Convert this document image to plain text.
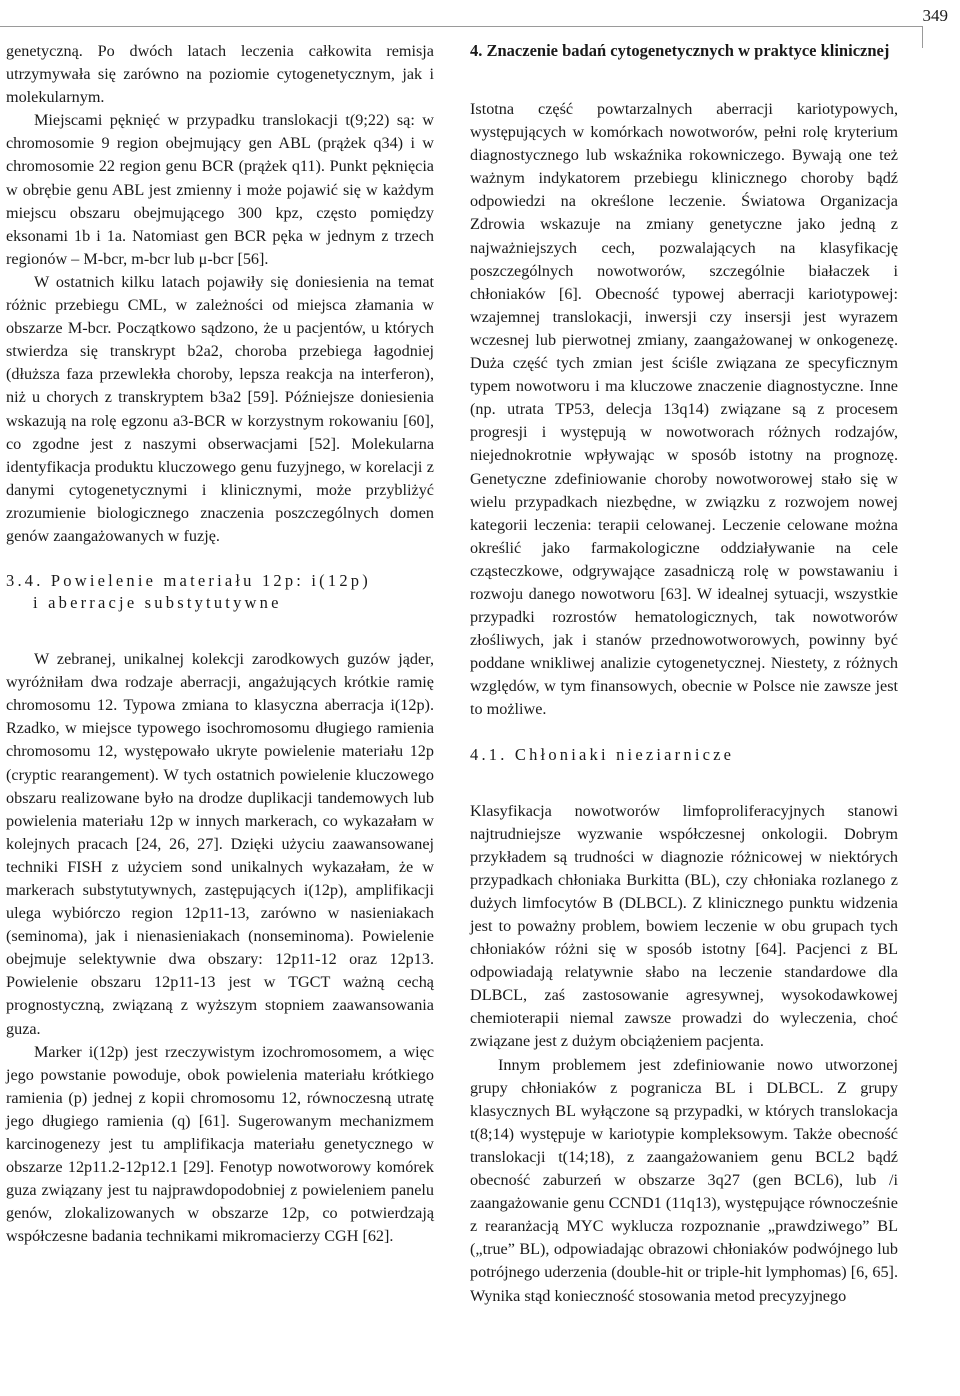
349

genetyczną. Po dwóch latach leczenia całkowita remisja utrzymywała się zarówno na poziomie cytogenetycznym, jak i molekularnym.

Miejscami pęknięć w przypadku translokacji t(9;22) są: w chromosomie 9 region obejmujący gen ABL (prążek q34) i w chromosomie 22 region genu BCR (prążek q11). Punkt pęknięcia w obrębie genu ABL jest zmienny i może pojawić się w każdym miejscu obszaru obejmującego 300 kpz, często pomiędzy eksonami 1b i 1a. Natomiast gen BCR pęka w jednym z trzech regionów – M-bcr, m-bcr lub μ-bcr [56].

W ostatnich kilku latach pojawiły się doniesienia na temat różnic przebiegu CML, w zależności od miejsca złamania w obszarze M-bcr. Początkowo sądzono, że u pacjentów, u których stwierdza się transkrypt b2a2, choroba przebiega łagodniej (dłuższa faza przewlekła choroby, lepsza reakcja na interferon), niż u chorych z transkryptem b3a2 [59]. Późniejsze doniesienia wskazują na rolę egzonu a3-BCR w korzystnym rokowaniu [60], co zgodne jest z naszymi obserwacjami [52]. Molekularna identyfikacja produktu kluczowego genu fuzyjnego, w korelacji z danymi cytogenetycznymi i klinicznymi, może przybliżyć zrozumienie biologicznego znaczenia poszczególnych domen genów zaangażowanych w fuzję.

3.4. Powielenie materiału 12p: i(12p)
i aberracje substytutywne

W zebranej, unikalnej kolekcji zarodkowych guzów jąder, wyróżniłam dwa rodzaje aberracji, angażujących krótkie ramię chromosomu 12. Typowa zmiana to klasyczna aberracja i(12p). Rzadko, w miejsce typowego isochromosomu długiego ramienia chromosomu 12, występowało ukryte powielenie materiału 12p (cryptic rearangement). W tych ostatnich powielenie kluczowego obszaru realizowane było na drodze duplikacji tandemowych lub powielenia materiału 12p w innych markerach, co wykazałam w kolejnych pracach [24, 26, 27]. Dzięki użyciu zaawansowanej techniki FISH z użyciem sond unikalnych wykazałam, że w markerach substytutywnych, zastępujących i(12p), amplifikacji ulega wybiórczo region 12p11-13, zarówno w nasieniakach (seminoma), jak i nienasieniakach (nonseminoma). Powielenie obejmuje selektywnie dwa obszary: 12p11-12 oraz 12p13. Powielenie obszaru 12p11-13 jest w TGCT ważną cechą prognostyczną, związaną z wyższym stopniem zaawansowania guza.

Marker i(12p) jest rzeczywistym izochromosomem, a więc jego powstanie powoduje, obok powielenia materiału krótkiego ramienia (p) jednej z kopii chromosomu 12, równoczesną utratę jego długiego ramienia (q) [61]. Sugerowanym mechanizmem karcinogenezy jest tu amplifikacja materiału genetycznego w obszarze 12p11.2-12p12.1 [29]. Fenotyp nowotworowy komórek guza związany jest tu najprawdopodobniej z powieleniem panelu genów, zlokalizowanych w obszarze 12p, co potwierdzają współczesne badania technikami mikromacierzy CGH [62].

4. Znaczenie badań cytogenetycznych w praktyce klinicznej

Istotna część powtarzalnych aberracji kariotypowych, występujących w komórkach nowotworów, pełni rolę kryterium diagnostycznego lub wskaźnika rokowniczego. Bywają one też ważnym indykatorem przebiegu klinicznego choroby bądź odpowiedzi na określone leczenie. Światowa Organizacja Zdrowia wskazuje na zmiany genetyczne jako jedną z najważniejszych cech, pozwalających na klasyfikację poszczególnych nowotworów, szczególnie białaczek i chłoniaków [6]. Obecność typowej aberracji kariotypowej: wzajemnej translokacji, inwersji czy insersji jest wyrazem wczesnej lub pierwotnej zmiany, zaangażowanej w onkogenezę. Duża część tych zmian jest ściśle związana ze specyficznym typem nowotworu i ma kluczowe znaczenie diagnostyczne. Inne (np. utrata TP53, delecja 13q14) związane są z procesem progresji i występują w nowotworach różnych rodzajów, niejednokrotnie wpływając w sposób istotny na prognozę. Genetyczne zdefiniowanie choroby nowotworowej stało się w wielu przypadkach niezbędne, w związku z rozwojem nowej kategorii leczenia: terapii celowanej. Leczenie celowane można określić jako farmakologiczne oddziaływanie na cele cząsteczkowe, odgrywające zasadniczą rolę w powstawaniu i rozwoju danego nowotworu [63]. W idealnej sytuacji, wszystkie przypadki rozrostów hematologicznych, tak nowotworów złośliwych, jak i stanów przednowotworowych, powinny być poddane wnikliwej analizie cytogenetycznej. Niestety, z różnych względów, w tym finansowych, obecnie w Polsce nie zawsze jest to możliwe.

4.1. Chłoniaki nieziarnicze

Klasyfikacja nowotworów limfoproliferacyjnych stanowi najtrudniejsze wyzwanie współczesnej onkologii. Dobrym przykładem są trudności w diagnozie różnicowej w niektórych przypadkach chłoniaka Burkitta (BL), czy chłoniaka rozlanego z dużych limfocytów B (DLBCL). Z klinicznego punktu widzenia jest to poważny problem, bowiem leczenie w obu grupach tych chłoniaków różni się w sposób istotny [64]. Pacjenci z BL odpowiadają relatywnie słabo na leczenie standardowe dla DLBCL, zaś zastosowanie agresywnej, wysokodawkowej chemioterapii niemal zawsze prowadzi do wyleczenia, choć związane jest z dużym obciążeniem pacjenta.

Innym problemem jest zdefiniowanie nowo utworzonej grupy chłoniaków z pogranicza BL i DLBCL. Z grupy klasycznych BL wyłączone są przypadki, w których translokacja t(8;14) występuje w kariotypie kompleksowym. Także obecność translokacji t(14;18), z zaangażowaniem genu BCL2 bądź obecność zaburzeń w obszarze 3q27 (gen BCL6), lub /i zaangażowanie genu CCND1 (11q13), występujące równocześnie z rearanżacją MYC wyklucza rozpoznanie „prawdziwego” BL („true” BL), odpowiadając obrazowi chłoniaków podwójnego lub potrójnego uderzenia (double-hit or triple-hit lymphomas) [6, 65]. Wynika stąd konieczność stosowania metod precyzyjnego
